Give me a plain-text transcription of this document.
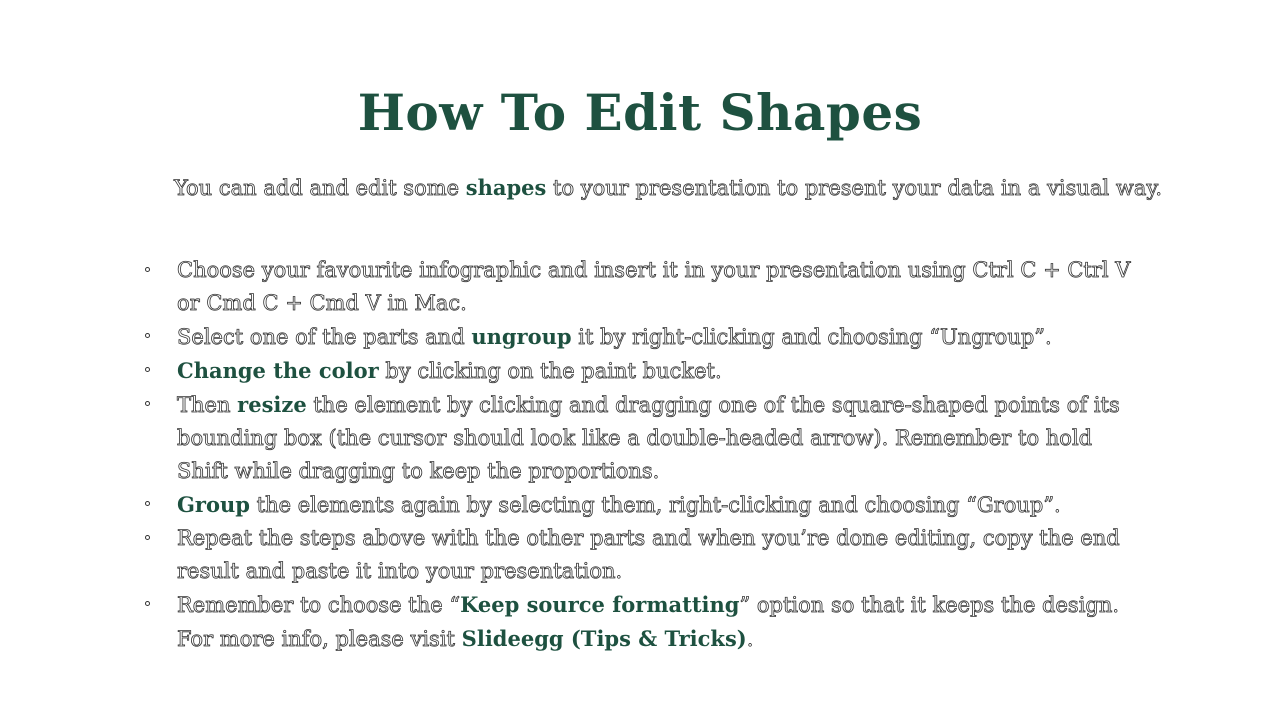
How To Edit Shapes
You can add and edit some shapes to your presentation to present your data in a visual way.
Choose your favourite infographic and insert it in your presentation using Ctrl C + Ctrl V or Cmd C + Cmd V in Mac.
Select one of the parts and ungroup it by right-clicking and choosing “Ungroup”.
Change the color by clicking on the paint bucket.
Then resize the element by clicking and dragging one of the square-shaped points of its bounding box (the cursor should look like a double-headed arrow). Remember to hold Shift while dragging to keep the proportions.
Group the elements again by selecting them, right-clicking and choosing “Group”.
Repeat the steps above with the other parts and when you’re done editing, copy the end result and paste it into your presentation.
Remember to choose the “Keep source formatting” option so that it keeps the design. For more info, please visit Slideegg (Tips & Tricks).
